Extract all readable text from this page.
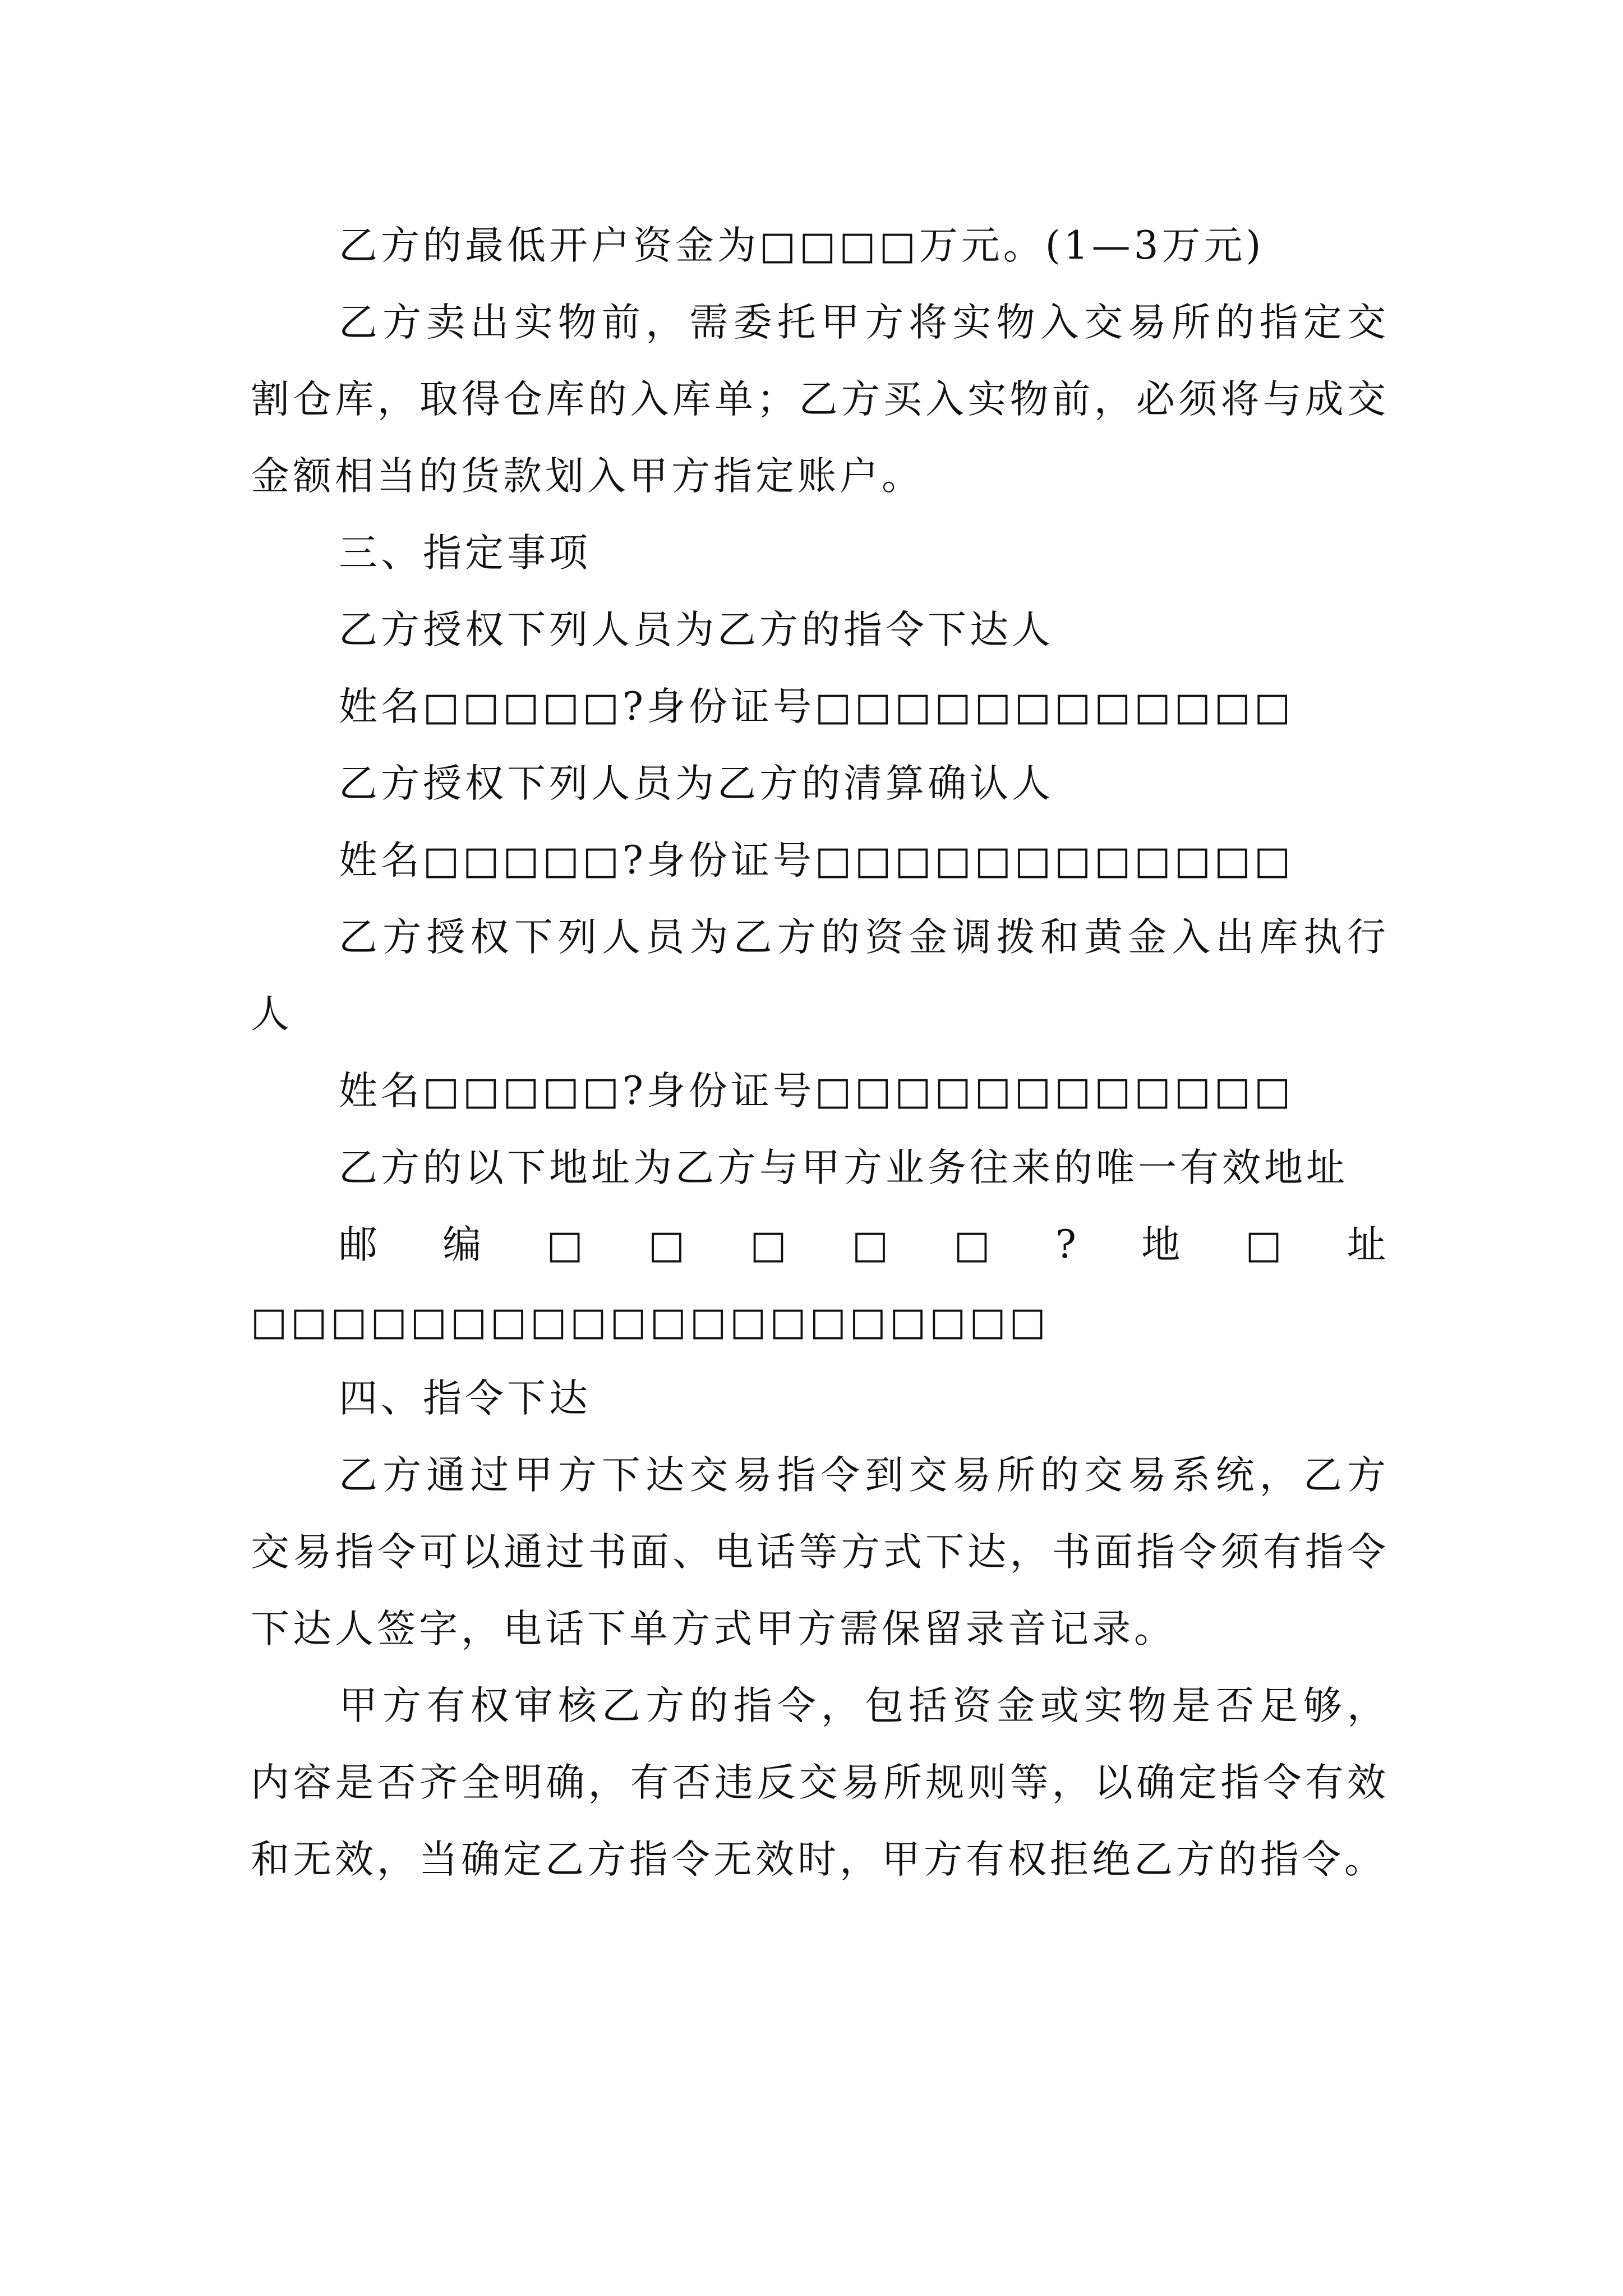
乙方的最低开户资金为□□□□万元。(1—3万元)

乙方卖出实物前，需委托甲方将实物入交易所的指定交割仓库，取得仓库的入库单；乙方买入实物前，必须将与成交金额相当的货款划入甲方指定账户。

三、指定事项

乙方授权下列人员为乙方的指令下达人

姓名□□□□□?身份证号□□□□□□□□□□□□

乙方授权下列人员为乙方的清算确认人

姓名□□□□□?身份证号□□□□□□□□□□□□

乙方授权下列人员为乙方的资金调拨和黄金入出库执行人

姓名□□□□□?身份证号□□□□□□□□□□□□

乙方的以下地址为乙方与甲方业务往来的唯一有效地址

邮编□□□□□?地□址□□□□□□□□□□□□□□□□□□□□

四、指令下达

乙方通过甲方下达交易指令到交易所的交易系统，乙方交易指令可以通过书面、电话等方式下达，书面指令须有指令下达人签字，电话下单方式甲方需保留录音记录。

甲方有权审核乙方的指令，包括资金或实物是否足够，内容是否齐全明确，有否违反交易所规则等，以确定指令有效和无效，当确定乙方指令无效时，甲方有权拒绝乙方的指令。
